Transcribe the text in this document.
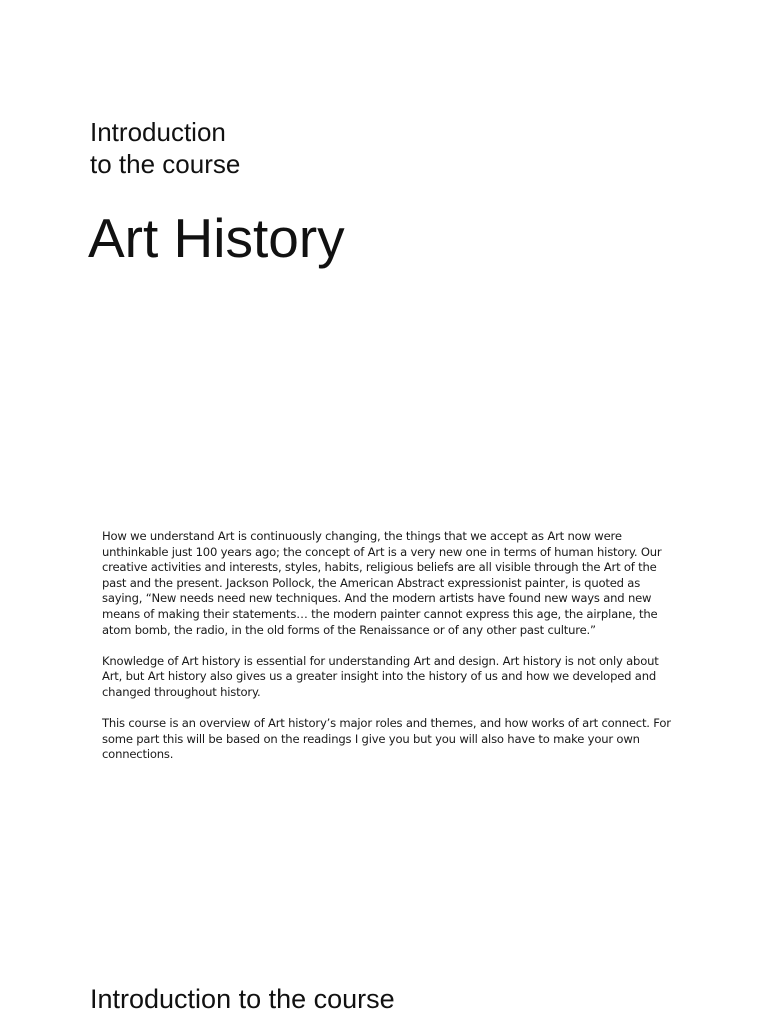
Introduction
to the course
Art History

How we understand Art is continuously changing, the things that we accept as Art now were unthinkable just 100 years ago; the concept of Art is a very new one in terms of human history. Our creative activities and interests, styles, habits, religious beliefs are all visible through the Art of the past and the present. Jackson Pollock, the American Abstract expressionist painter, is quoted as saying, “New needs need new techniques. And the modern artists have found new ways and new means of making their statements… the modern painter cannot express this age, the airplane, the atom bomb, the radio, in the old forms of the Renaissance or of any other past culture.”

Knowledge of Art history is essential for understanding Art and design. Art history is not only about Art, but Art history also gives us a greater insight into the history of us and how we developed and changed throughout history.

This course is an overview of Art history’s major roles and themes, and how works of art connect. For some part this will be based on the readings I give you but you will also have to make your own connections.

Introduction to the course
